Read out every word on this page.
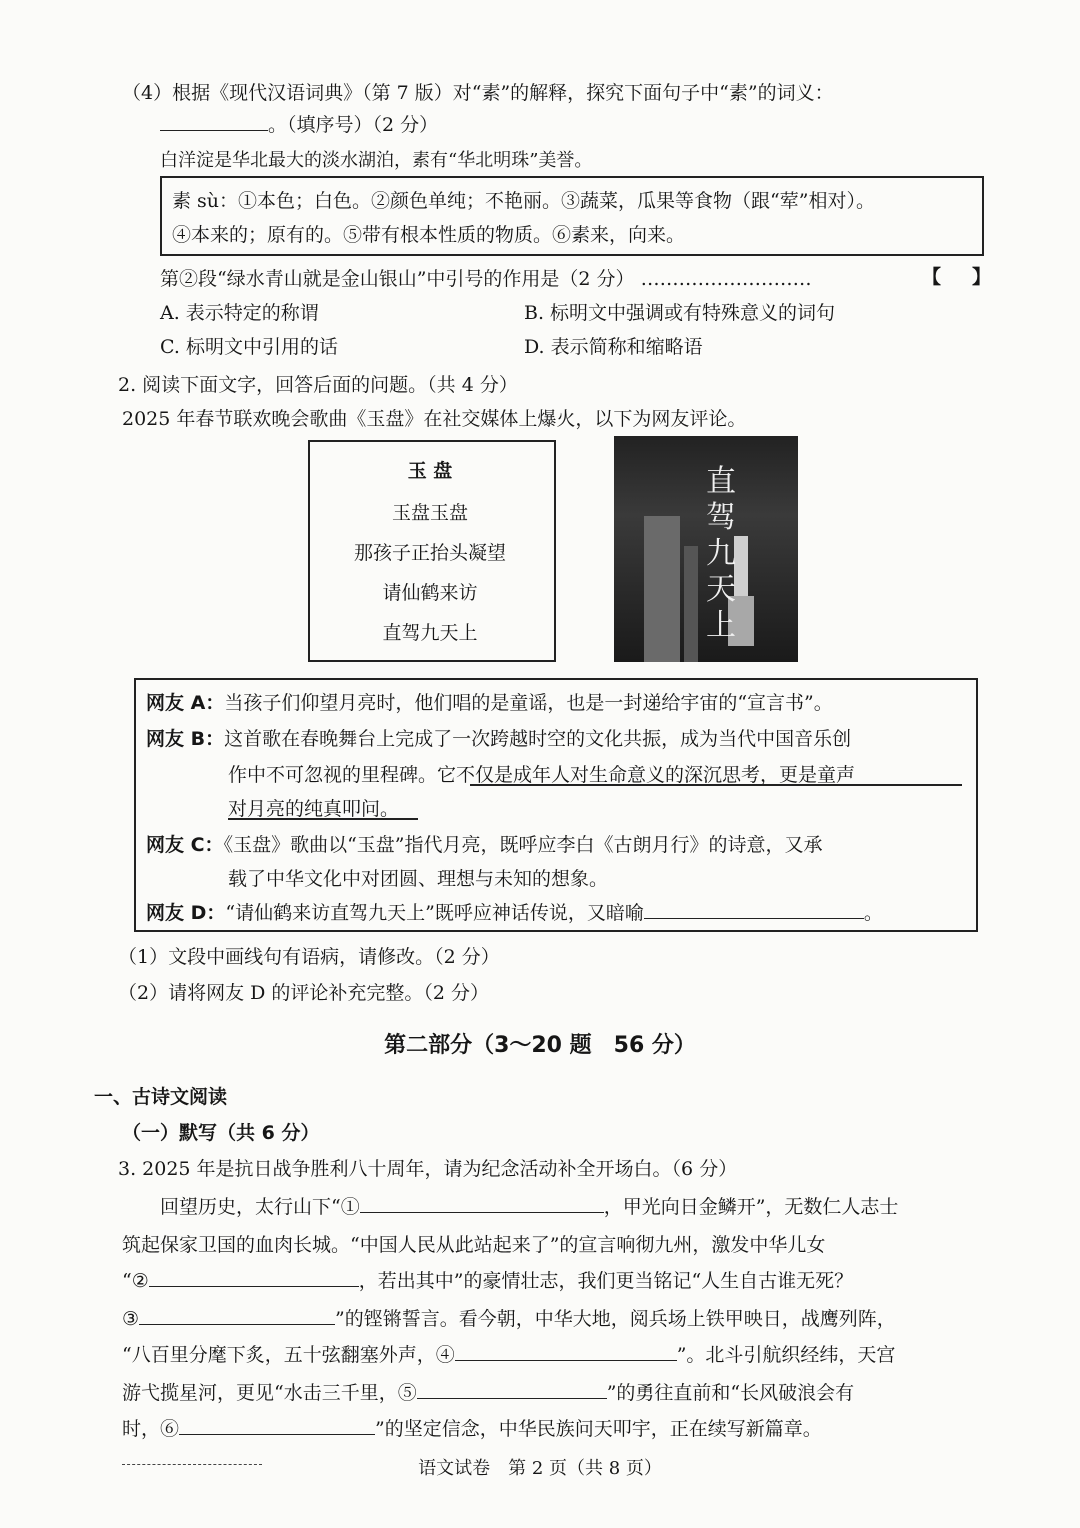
（4）根据《现代汉语词典》（第 7 版）对“素”的解释，探究下面句子中“素”的词义：
。（填序号）（2 分）
白洋淀是华北最大的淡水湖泊，素有“华北明珠”美誉。
素 sù：①本色；白色。②颜色单纯；不艳丽。③蔬菜，瓜果等食物（跟“荤”相对）。
④本来的；原有的。⑤带有根本性质的物质。⑥素来，向来。
第②段“绿水青山就是金山银山”中引号的作用是（2 分） ………………………	【 】
A. 表示特定的称谓	B. 标明文中强调或有特殊意义的词句
C. 标明文中引用的话	D. 表示简称和缩略语
2. 阅读下面文字，回答后面的问题。（共 4 分）
2025 年春节联欢晚会歌曲《玉盘》在社交媒体上爆火，以下为网友评论。
玉 盘
玉盘玉盘
那孩子正抬头凝望
请仙鹤来访
直驾九天上
直
驾
九
天
上
网友 A：当孩子们仰望月亮时，他们唱的是童谣，也是一封递给宇宙的“宣言书”。
网友 B：这首歌在春晚舞台上完成了一次跨越时空的文化共振，成为当代中国音乐创
作中不可忽视的里程碑。它不仅是成年人对生命意义的深沉思考，更是童声
对月亮的纯真叩问。
网友 C：《玉盘》歌曲以“玉盘”指代月亮，既呼应李白《古朗月行》的诗意，又承
载了中华文化中对团圆、理想与未知的想象。
网友 D：“请仙鹤来访直驾九天上”既呼应神话传说，又暗喻	。
（1）文段中画线句有语病，请修改。（2 分）
（2）请将网友 D 的评论补充完整。（2 分）
第二部分（3～20 题　56 分）
一、古诗文阅读
（一）默写（共 6 分）
3. 2025 年是抗日战争胜利八十周年，请为纪念活动补全开场白。（6 分）
回望历史，太行山下“①	，甲光向日金鳞开”，无数仁人志士
筑起保家卫国的血肉长城。“中国人民从此站起来了”的宣言响彻九州，激发中华儿女
“②	，若出其中”的豪情壮志，我们更当铭记“人生自古谁无死？
③	”的铿锵誓言。看今朝，中华大地，阅兵场上铁甲映日，战鹰列阵，
“八百里分麾下炙，五十弦翻塞外声，④	”。北斗引航织经纬，天宫
游弋揽星河，更见“水击三千里，⑤	”的勇往直前和“长风破浪会有
时，⑥	”的坚定信念，中华民族问天叩宇，正在续写新篇章。
语文试卷　第 2 页（共 8 页）
